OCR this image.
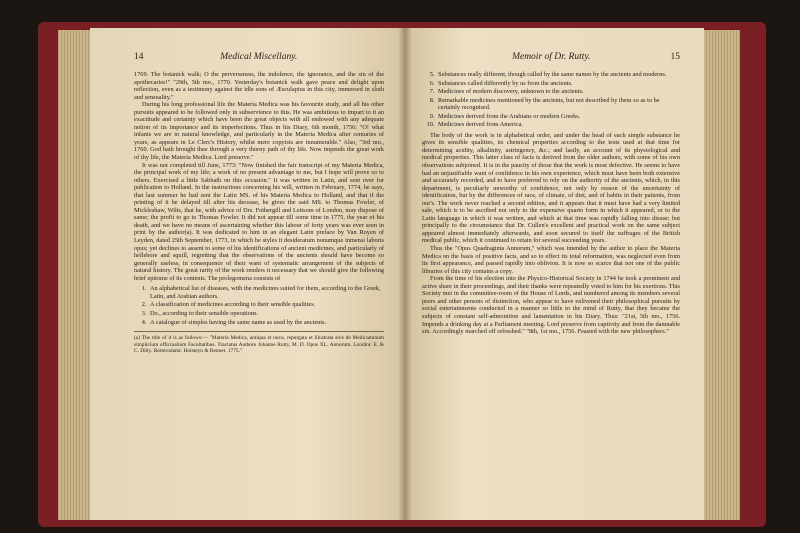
14	Medical Miscellany.

1769. The botanick walk; O the perverseness, the indolence, the ignorance, and the sin of the apothecaries!" "29th, 5th mo., 1770. Yesterday's botanick walk gave peace and delight upon reflection, even as a testimony against the idle sons of Æsculapius in this city, immersed in sloth and sensuality."

During his long professional life the Materia Medica was his favourite study, and all his other pursuits appeared to be followed only in subservience to this. He was ambitious to impart to it an exactitude and certainty which have been the great objects with all endowed with any adequate notion of its importance and its imperfections. Thus in his Diary, 6th month, 1756: "O! what infants we are in natural knowledge, and particularly in the Materia Medica after centuries of years, as appears in Le Clerc's History, whilst mere copyists are innumerable." Also, "3rd mo., 1760. God hath brought thee through a very thorny path of thy life. Now impends the great work of thy life, the Materia Medica. Lord preserve."

It was not completed till June, 1773: "Now finished the fair transcript of my Materia Medica, the principal work of my life; a work of no present advantage to me, but I hope will prove so to others. Exercised a little Sabbath on this occasion." It was written in Latin, and sent over for publication to Holland. In the instructions concerning his will, written in February, 1774, he says, that last summer he had sent the Latin MS. of his Materia Medica to Holland, and that if the printing of it be delayed till after his decease, he gives the said MS. to Thomas Fowler, of Mickleshaw, Wilts, that he, with advice of Drs. Fothergill and Lettsom of London, may dispose of same; the profit to go to Thomas Fowler. It did not appear till some time in 1775, the year of his death, and we have no means of ascertaining whether this labour of forty years was ever seen in print by the author(a). It was dedicated to him in an elegant Latin preface by Van Royen of Leyden, dated 25th September, 1773, in which he styles it desideratum nonumque inmensi laboris opus; yet declines to assent to some of his identifications of ancient medicines, and particularly of hellebore and squill, regretting that the observations of the ancients should have become so generally useless, in consequence of their want of systematic arrangement of the subjects of natural history. The great rarity of the work renders it necessary that we should give the following brief epitome of its contents. The prolegomena consists of

1. An alphabetical list of diseases, with the medicines suited for them, according to the Greek, Latin, and Arabian authors.
2. A classification of medicines according to their sensible qualities.
3. Do., according to their sensible operations.
4. A catalogue of simples having the same name as used by the ancients.
(a) The title of it is as follows:— "Materia Medica, antiqua et nova, repurgata et illustrata sive de Medicaminum simplicium officinalium Facultatibus. Tractatus Authore Johanne Rutty, M. D. Opus XL. Annorum. Londini: E. & C. Dilly. Rotterodami: Holsteyn & Bennet. 1775."
Memoir of Dr. Rutty.	15
5. Substances really different, though called by the same names by the ancients and moderns.
6. Substances called differently by us from the ancients.
7. Medicines of modern discovery, unknown to the ancients.
8. Remarkable medicines mentioned by the ancients, but not described by them so as to be certainly recognised.
9. Medicines derived from the Arabians or modern Greeks.
10. Medicines derived from America.

The body of the work is in alphabetical order, and under the head of each simple substance he gives its sensible qualities, its chemical properties according to the tests used at that time for determining acidity, alkalinity, astringency, &c.; and lastly, an account of its physiological and medical properties. This latter class of facts is derived from the older authors, with some of his own observations subjoined. It is in the paucity of those that the work is most defective. He seems to have had an unjustifiable want of confidence in his own experience, which must have been both extensive and accurately recorded, and to have preferred to rely on the authority of the ancients, which, in this department, is peculiarly unworthy of confidence, not only by reason of the uncertainty of identification, but by the differences of race, of climate, of diet, and of habits in their patients, from our's. The work never reached a second edition, and it appears that it must have had a very limited sale, which is to be ascribed not only to the expensive quarto form in which it appeared, or to the Latin language in which it was written, and which at that time was rapidly falling into disuse; but principally to the circumstance that Dr. Cullen's excellent and practical work on the same subject appeared almost immediately afterwards, and soon secured to itself the suffrages of the British medical public, which it continued to retain for several succeeding years.

Thus the "Opus Quadraginta Annorum," which was intended by the author to place the Materia Medica on the basis of positive facts, and so to effect its total reformation, was neglected even from its first appearance, and passed rapidly into oblivion. It is now so scarce that not one of the public libraries of this city contains a copy.

From the time of his election into the Physico-Historical Society in 1744 he took a prominent and active share in their proceedings, and their thanks were repeatedly voted to him for his exertions. This Society met in the committee-room of the House of Lords, and numbered among its members several peers and other persons of distinction, who appear to have enlivened their philosophical pursuits by social entertainments conducted in a manner so little to the mind of Rutty, that they became the subjects of constant self-admonition and lamentation in his Diary. Thus: "21st, 5th mo., 1756. Impends a drinking day at a Parliament meeting. Lord preserve from captivity and from the damnable sin. Accordingly marched off refreshed." "8th, 1st mo., 1756. Feasted with the new philosophers."
